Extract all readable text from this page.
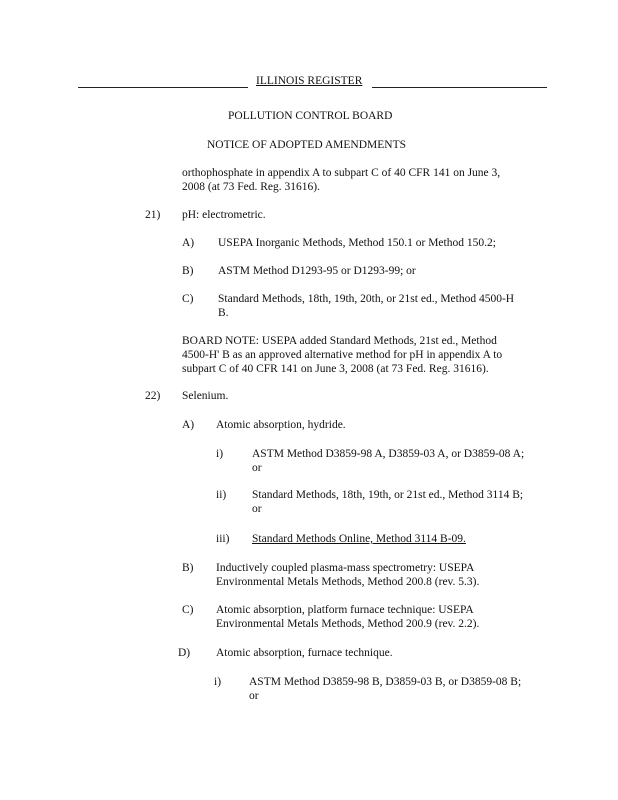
ILLINOIS REGISTER
POLLUTION CONTROL BOARD
NOTICE OF ADOPTED AMENDMENTS
orthophosphate in appendix A to subpart C of 40 CFR 141 on June 3,
2008 (at 73 Fed. Reg. 31616).
21) pH: electrometric.
A) USEPA Inorganic Methods, Method 150.1 or Method 150.2;
B) ASTM Method D1293-95 or D1293-99; or
C) Standard Methods, 18th, 19th, 20th, or 21st ed., Method 4500-H
B.
BOARD NOTE: USEPA added Standard Methods, 21st ed., Method
4500-H' B as an approved alternative method for pH in appendix A to
subpart C of 40 CFR 141 on June 3, 2008 (at 73 Fed. Reg. 31616).
22) Selenium.
A) Atomic absorption, hydride.
i)	ASTM Method D3859-98 A, D3859-03 A, or D3859-08 A;
or
ii) Standard Methods, 18th, 19th, or 21st ed., Method 3114 B;
or
iii) Standard Methods Online, Method 3114 B-09.
B) Inductively coupled plasma-mass spectrometry: USEPA
Environmental Metals Methods, Method 200.8 (rev. 5.3).
C) Atomic absorption, platform furnace technique: USEPA
Environmental Metals Methods, Method 200.9 (rev. 2.2).
D) Atomic absorption, furnace technique.
i) ASTM Method D3859-98 B, D3859-03 B, or D3859-08 B;
or
